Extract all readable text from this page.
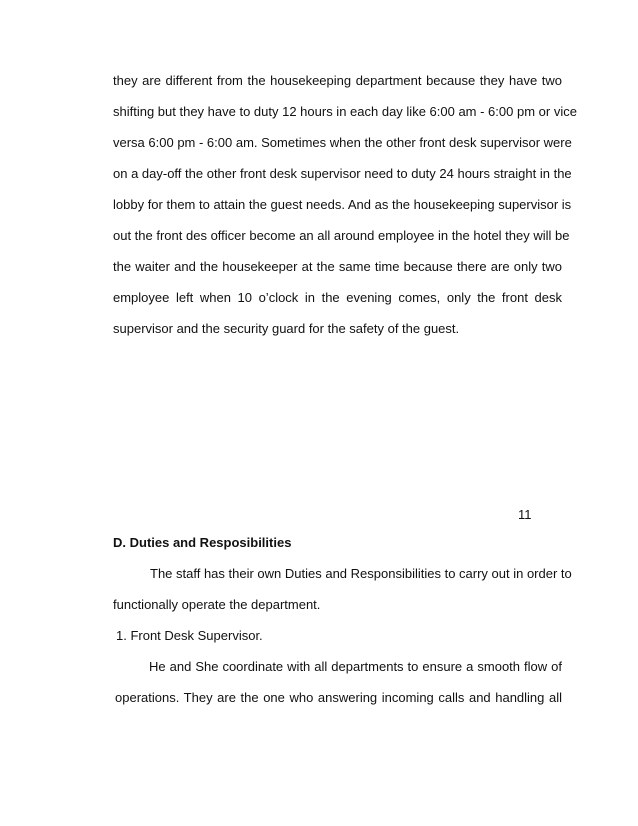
they are different from the housekeeping department because they have two
shifting but they have to duty 12 hours in each day like 6:00 am - 6:00 pm or vice
versa 6:00 pm - 6:00 am. Sometimes when the other front desk supervisor were
on a day-off the other front desk supervisor need to duty 24 hours straight in the
lobby for them to attain the guest needs. And as the housekeeping supervisor is
out the front des officer become an all around employee in the hotel they will be
the waiter and the housekeeper at the same time because there are only two
employee left when 10 o’clock in the evening comes, only the front desk
supervisor and the security guard for the safety of the guest.
11
D. Duties and Resposibilities
The staff has their own Duties and Responsibilities to carry out in order to
functionally operate the department.
1. Front Desk Supervisor.
He and She coordinate with all departments to ensure a smooth flow of
operations. They are the one who answering incoming calls and handling all
